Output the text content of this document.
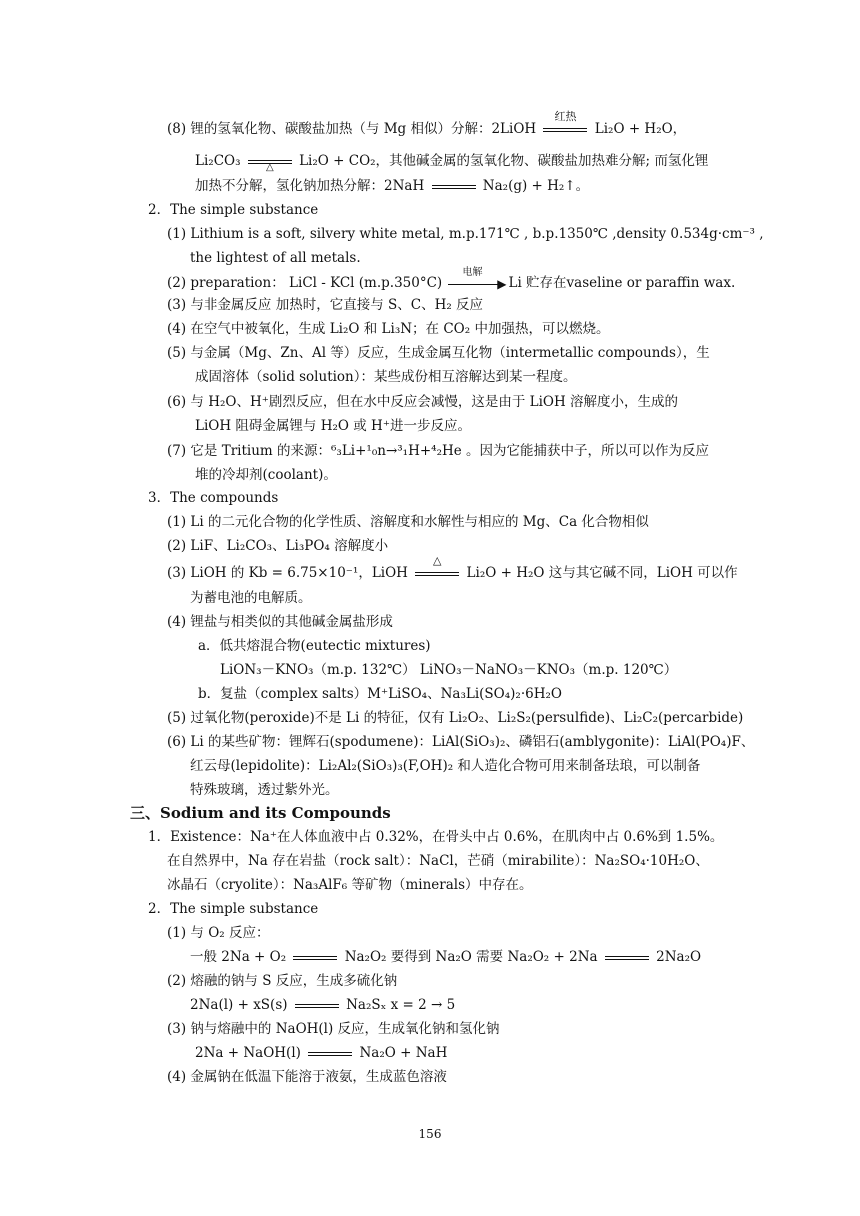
(8) 锂的氢氧化物、碳酸盐加热（与 Mg 相似）分解：2LiOH
红热
Li₂O + H₂O，
Li₂CO₃	△	Li₂O + CO₂，其他碱金属的氢氧化物、碳酸盐加热难分解; 而氢化锂
加热不分解，氢化钠加热分解：2NaH	Na₂(g) + H₂↑。
2．The simple substance
(1) Lithium is a soft, silvery white metal, m.p.171℃ , b.p.1350℃ ,density 0.534g·cm⁻³ ,
the lightest of all metals.
(2) preparation： LiCl - KCl (m.p.350°C)	▶
电解
Li 贮存在vaseline or paraffin wax.
(3) 与非金属反应 加热时，它直接与 S、C、H₂ 反应
(4) 在空气中被氧化，生成 Li₂O 和 Li₃N；在 CO₂ 中加强热，可以燃烧。
(5) 与金属（Mg、Zn、Al 等）反应，生成金属互化物（intermetallic compounds），生
成固溶体（solid solution）：某些成份相互溶解达到某一程度。
(6) 与 H₂O、H⁺剧烈反应，但在水中反应会减慢，这是由于 LiOH 溶解度小，生成的
LiOH 阻碍金属锂与 H₂O 或 H⁺进一步反应。
(7) 它是 Tritium 的来源：⁶₃Li+¹₀n→³₁H+⁴₂He 。因为它能捕获中子，所以可以作为反应
堆的冷却剂(coolant)。
3．The compounds
(1) Li 的二元化合物的化学性质、溶解度和水解性与相应的 Mg、Ca 化合物相似
(2) LiF、Li₂CO₃、Li₃PO₄ 溶解度小
(3) LiOH 的 Kb = 6.75×10⁻¹，LiOH
△
Li₂O + H₂O 这与其它碱不同，LiOH 可以作
为蓄电池的电解质。
(4) 锂盐与相类似的其他碱金属盐形成
a．低共熔混合物(eutectic mixtures)
LiON₃－KNO₃（m.p. 132℃） LiNO₃－NaNO₃－KNO₃（m.p. 120℃）
b．复盐（complex salts）M⁺LiSO₄、Na₃Li(SO₄)₂·6H₂O
(5) 过氧化物(peroxide)不是 Li 的特征，仅有 Li₂O₂、Li₂S₂(persulfide)、Li₂C₂(percarbide)
(6) Li 的某些矿物：锂辉石(spodumene)：LiAl(SiO₃)₂、磷铝石(amblygonite)：LiAl(PO₄)F、
红云母(lepidolite)：Li₂Al₂(SiO₃)₃(F,OH)₂ 和人造化合物可用来制备珐琅，可以制备
特殊玻璃，透过紫外光。
三、Sodium and its Compounds
1．Existence：Na⁺在人体血液中占 0.32%，在骨头中占 0.6%，在肌肉中占 0.6%到 1.5%。
在自然界中，Na 存在岩盐（rock salt）：NaCl，芒硝（mirabilite）：Na₂SO₄·10H₂O、
冰晶石（cryolite）：Na₃AlF₆ 等矿物（minerals）中存在。
2．The simple substance
(1) 与 O₂ 反应：
一般 2Na + O₂	Na₂O₂ 要得到 Na₂O 需要 Na₂O₂ + 2Na	2Na₂O
(2) 熔融的钠与 S 反应，生成多硫化钠
2Na(l) + xS(s)	Na₂Sₓ x = 2 → 5
(3) 钠与熔融中的 NaOH(l) 反应，生成氧化钠和氢化钠
2Na + NaOH(l)	Na₂O + NaH
(4) 金属钠在低温下能溶于液氨，生成蓝色溶液
156
